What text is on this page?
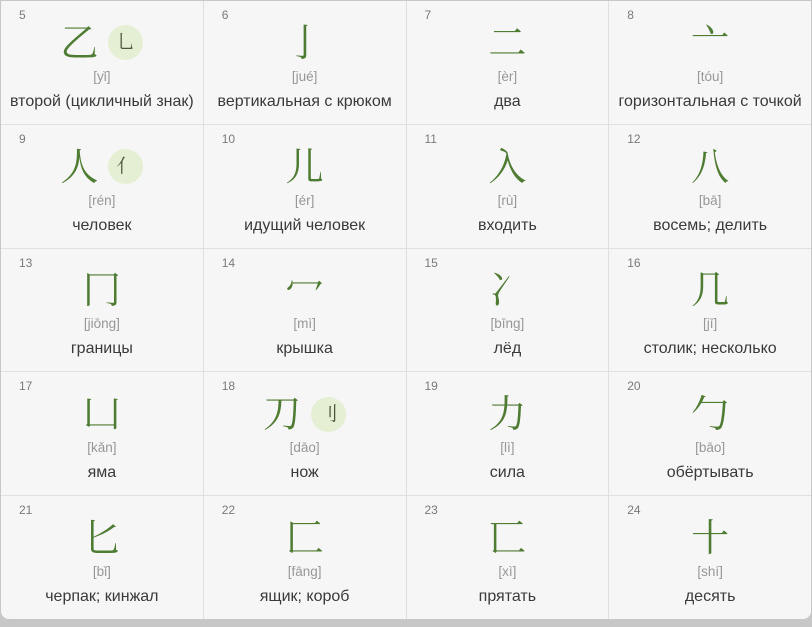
5
乙 乚
[yǐ]
второй (цикличный знак)
6
亅
[jué]
вертикальная с крюком
7
二
[èr]
два
8
亠
[tóu]
горизонтальная с точкой
9
人 亻
[rén]
человек
10
儿
[ér]
идущий человек
11
入
[rù]
входить
12
八
[bā]
восемь; делить
13
冂
[jiōng]
границы
14
冖
[mì]
крышка
15
冫
[bīng]
лёд
16
几
[jī]
столик; несколько
17
凵
[kǎn]
яма
18
刀 刂
[dāo]
нож
19
力
[lì]
сила
20
勹
[bāo]
обёртывать
21
匕
[bǐ]
черпак; кинжал
22
匚
[fāng]
ящик; короб
23
匸
[xì]
прятать
24
十
[shí]
десять
